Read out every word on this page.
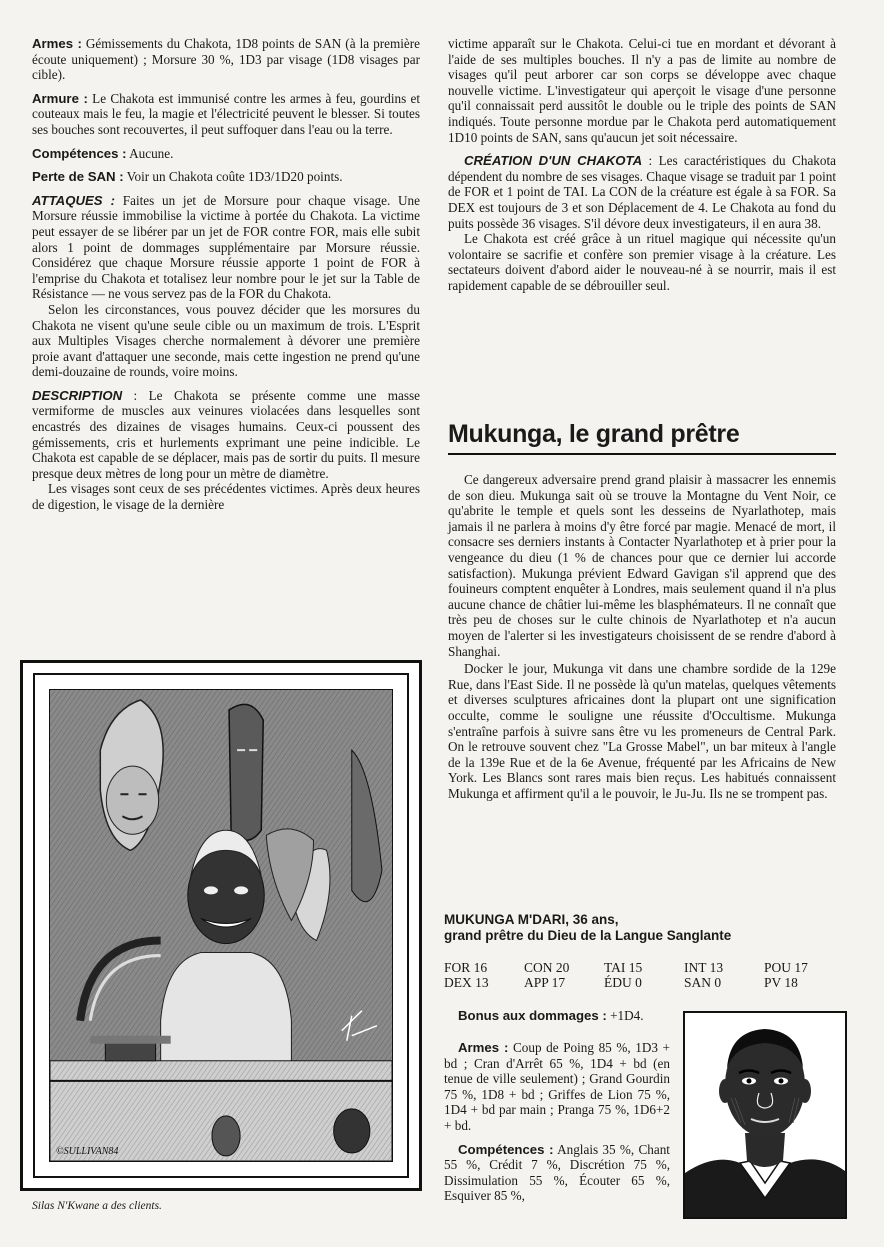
Armes : Gémissements du Chakota, 1D8 points de SAN (à la première écoute uniquement) ; Morsure 30 %, 1D3 par visage (1D8 visages par cible).

Armure : Le Chakota est immunisé contre les armes à feu, gourdins et couteaux mais le feu, la magie et l'électricité peuvent le blesser. Si toutes ses bouches sont recouvertes, il peut suffoquer dans l'eau ou la terre.

Compétences : Aucune.

Perte de SAN : Voir un Chakota coûte 1D3/1D20 points.

ATTAQUES : Faites un jet de Morsure pour chaque visage. Une Morsure réussie immobilise la victime à portée du Chakota. La victime peut essayer de se libérer par un jet de FOR contre FOR, mais elle subit alors 1 point de dommages supplémentaire par Morsure réussie. Considérez que chaque Morsure réussie apporte 1 point de FOR à l'emprise du Chakota et totalisez leur nombre pour le jet sur la Table de Résistance — ne vous servez pas de la FOR du Chakota.

Selon les circonstances, vous pouvez décider que les morsures du Chakota ne visent qu'une seule cible ou un maximum de trois. L'Esprit aux Multiples Visages cherche normalement à dévorer une première proie avant d'attaquer une seconde, mais cette ingestion ne prend qu'une demi-douzaine de rounds, voire moins.

DESCRIPTION : Le Chakota se présente comme une masse vermiforme de muscles aux veinures violacées dans lesquelles sont encastrés des dizaines de visages humains. Ceux-ci poussent des gémissements, cris et hurlements exprimant une peine indicible. Le Chakota est capable de se déplacer, mais pas de sortir du puits. Il mesure presque deux mètres de long pour un mètre de diamètre.

Les visages sont ceux de ses précédentes victimes. Après deux heures de digestion, le visage de la dernière

victime apparaît sur le Chakota. Celui-ci tue en mordant et dévorant à l'aide de ses multiples bouches. Il n'y a pas de limite au nombre de visages qu'il peut arborer car son corps se développe avec chaque nouvelle victime. L'investigateur qui aperçoit le visage d'une personne qu'il connaissait perd aussitôt le double ou le triple des points de SAN indiqués. Toute personne mordue par le Chakota perd automatiquement 1D10 points de SAN, sans qu'aucun jet soit nécessaire.

CRÉATION D'UN CHAKOTA : Les caractéristiques du Chakota dépendent du nombre de ses visages. Chaque visage se traduit par 1 point de FOR et 1 point de TAI. La CON de la créature est égale à sa FOR. Sa DEX est toujours de 3 et son Déplacement de 4. Le Chakota au fond du puits possède 36 visages. S'il dévore deux investigateurs, il en aura 38.

Le Chakota est créé grâce à un rituel magique qui nécessite qu'un volontaire se sacrifie et confère son premier visage à la créature. Les sectateurs doivent d'abord aider le nouveau-né à se nourrir, mais il est rapidement capable de se débrouiller seul.

Mukunga, le grand prêtre

Ce dangereux adversaire prend grand plaisir à massacrer les ennemis de son dieu. Mukunga sait où se trouve la Montagne du Vent Noir, ce qu'abrite le temple et quels sont les desseins de Nyarlathotep, mais jamais il ne parlera à moins d'y être forcé par magie. Menacé de mort, il consacre ses derniers instants à Contacter Nyarlathotep et à prier pour la vengeance du dieu (1 % de chances pour que ce dernier lui accorde satisfaction). Mukunga prévient Edward Gavigan s'il apprend que des fouineurs comptent enquêter à Londres, mais seulement quand il n'a plus aucune chance de châtier lui-même les blasphémateurs. Il ne connaît que très peu de choses sur le culte chinois de Nyarlathotep et n'a aucun moyen de l'alerter si les investigateurs choisissent de se rendre d'abord à Shanghai.

Docker le jour, Mukunga vit dans une chambre sordide de la 129e Rue, dans l'East Side. Il ne possède là qu'un matelas, quelques vêtements et diverses sculptures africaines dont la plupart ont une signification occulte, comme le souligne une réussite d'Occultisme. Mukunga s'entraîne parfois à suivre sans être vu les promeneurs de Central Park. On le retrouve souvent chez "La Grosse Mabel", un bar miteux à l'angle de la 139e Rue et de la 6e Avenue, fréquenté par les Africains de New York. Les Blancs sont rares mais bien reçus. Les habitués connaissent Mukunga et affirment qu'il a le pouvoir, le Ju-Ju. Ils ne se trompent pas.

MUKUNGA M'DARI, 36 ans,
grand prêtre du Dieu de la Langue Sanglante
FOR 16	CON 20	TAI 15	INT 13	POU 17
DEX 13	APP 17	ÉDU 0	SAN 0	PV 18
Bonus aux dommages : +1D4.

Armes : Coup de Poing 85 %, 1D3 + bd ; Cran d'Arrêt 65 %, 1D4 + bd (en tenue de ville seulement) ; Grand Gourdin 75 %, 1D8 + bd ; Griffes de Lion 75 %, 1D4 + bd par main ; Pranga 75 %, 1D6+2 + bd.

Compétences : Anglais 35 %, Chant 55 %, Crédit 7 %, Discrétion 75 %, Dissimulation 55 %, Écouter 65 %, Esquiver 85 %,

©SULLIVAN84
Silas N'Kwane a des clients.
